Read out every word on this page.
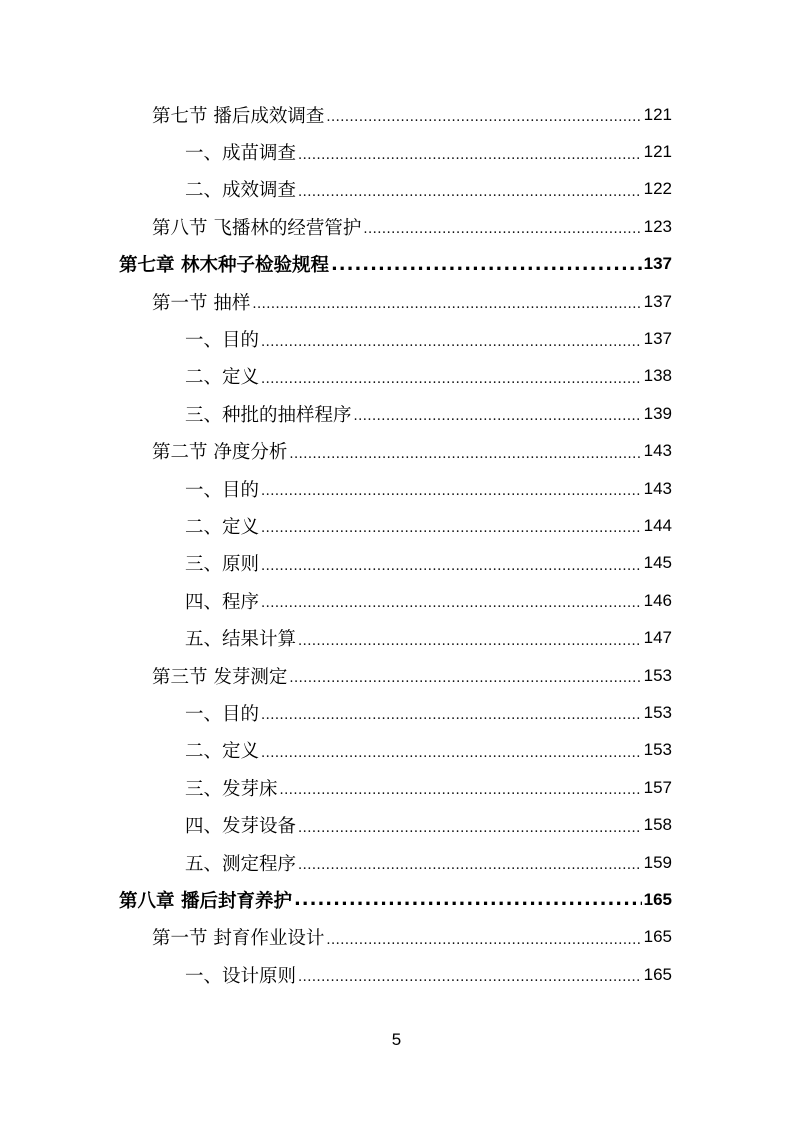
第七节 播后成效调查 .....	121
一、成苗调查 .....	121
二、成效调查 .....	122
第八节 飞播林的经营管护 .....	123
第七章 林木种子检验规程 .....	137
第一节 抽样 .....	137
一、目的 .....	137
二、定义 .....	138
三、种批的抽样程序 .....	139
第二节 净度分析 .....	143
一、目的 .....	143
二、定义 .....	144
三、原则 .....	145
四、程序 .....	146
五、结果计算 .....	147
第三节 发芽测定 .....	153
一、目的 .....	153
二、定义 .....	153
三、发芽床 .....	157
四、发芽设备 .....	158
五、测定程序 .....	159
第八章 播后封育养护 .....	165
第一节 封育作业设计 .....	165
一、设计原则 .....	165
5
